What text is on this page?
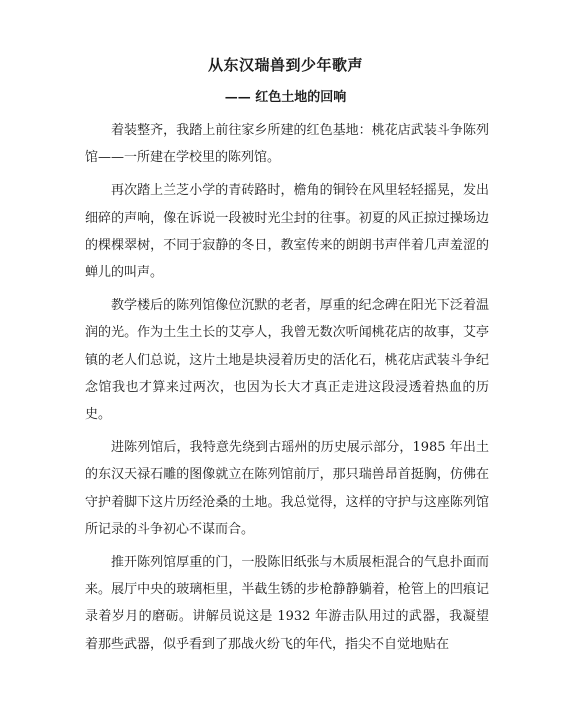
从东汉瑞兽到少年歌声
—— 红色土地的回响

着装整齐，我踏上前往家乡所建的红色基地：桃花店武装斗争陈列馆——一所建在学校里的陈列馆。

再次踏上兰芝小学的青砖路时，檐角的铜铃在风里轻轻摇晃，发出细碎的声响，像在诉说一段被时光尘封的往事。初夏的风正掠过操场边的棵棵翠树，不同于寂静的冬日，教室传来的朗朗书声伴着几声羞涩的蝉儿的叫声。

教学楼后的陈列馆像位沉默的老者，厚重的纪念碑在阳光下泛着温润的光。作为土生土长的艾亭人，我曾无数次听闻桃花店的故事，艾亭镇的老人们总说，这片土地是块浸着历史的活化石，桃花店武装斗争纪念馆我也才算来过两次，也因为长大才真正走进这段浸透着热血的历史。

进陈列馆后，我特意先绕到古瑶州的历史展示部分，1985 年出土的东汉天禄石雕的图像就立在陈列馆前厅，那只瑞兽昂首挺胸，仿佛在守护着脚下这片历经沧桑的土地。我总觉得，这样的守护与这座陈列馆所记录的斗争初心不谋而合。

推开陈列馆厚重的门，一股陈旧纸张与木质展柜混合的气息扑面而来。展厅中央的玻璃柜里，半截生锈的步枪静静躺着，枪管上的凹痕记录着岁月的磨砺。讲解员说这是 1932 年游击队用过的武器，我凝望着那些武器，似乎看到了那战火纷飞的年代，指尖不自觉地贴在
